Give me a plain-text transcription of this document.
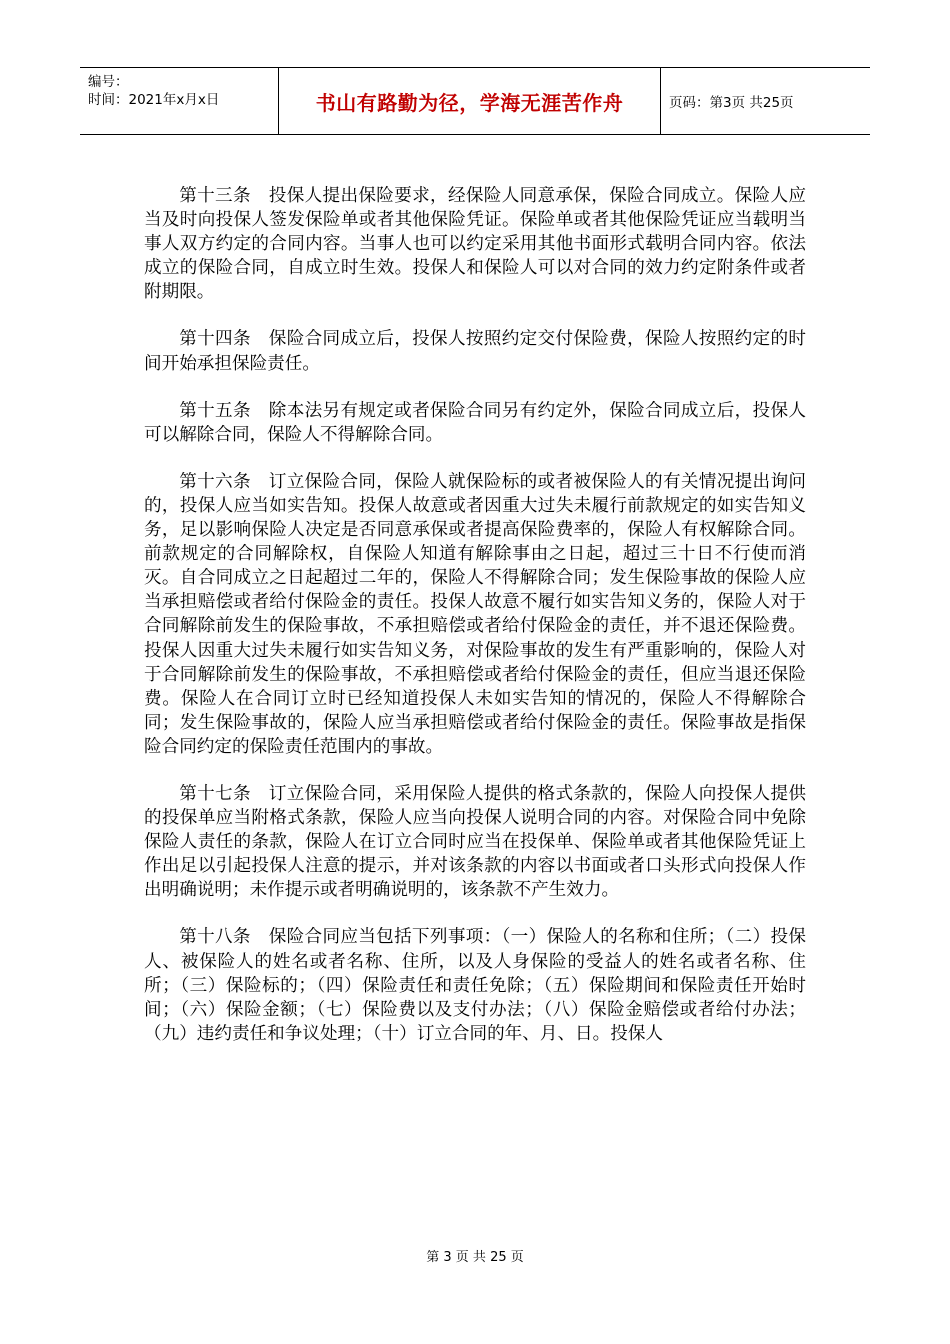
编号：
时间：2021年x月x日	书山有路勤为径，学海无涯苦作舟	页码：第3页 共25页

第十三条　投保人提出保险要求，经保险人同意承保，保险合同成立。保险人应当及时向投保人签发保险单或者其他保险凭证。保险单或者其他保险凭证应当载明当事人双方约定的合同内容。当事人也可以约定采用其他书面形式载明合同内容。依法成立的保险合同，自成立时生效。投保人和保险人可以对合同的效力约定附条件或者附期限。

第十四条　保险合同成立后，投保人按照约定交付保险费，保险人按照约定的时间开始承担保险责任。

第十五条　除本法另有规定或者保险合同另有约定外，保险合同成立后，投保人可以解除合同，保险人不得解除合同。

第十六条　订立保险合同，保险人就保险标的或者被保险人的有关情况提出询问的，投保人应当如实告知。投保人故意或者因重大过失未履行前款规定的如实告知义务，足以影响保险人决定是否同意承保或者提高保险费率的，保险人有权解除合同。前款规定的合同解除权，自保险人知道有解除事由之日起，超过三十日不行使而消灭。自合同成立之日起超过二年的，保险人不得解除合同；发生保险事故的保险人应当承担赔偿或者给付保险金的责任。投保人故意不履行如实告知义务的，保险人对于合同解除前发生的保险事故，不承担赔偿或者给付保险金的责任，并不退还保险费。投保人因重大过失未履行如实告知义务，对保险事故的发生有严重影响的，保险人对于合同解除前发生的保险事故，不承担赔偿或者给付保险金的责任，但应当退还保险费。保险人在合同订立时已经知道投保人未如实告知的情况的，保险人不得解除合同；发生保险事故的，保险人应当承担赔偿或者给付保险金的责任。保险事故是指保险合同约定的保险责任范围内的事故。

第十七条　订立保险合同，采用保险人提供的格式条款的，保险人向投保人提供的投保单应当附格式条款，保险人应当向投保人说明合同的内容。对保险合同中免除保险人责任的条款，保险人在订立合同时应当在投保单、保险单或者其他保险凭证上作出足以引起投保人注意的提示，并对该条款的内容以书面或者口头形式向投保人作出明确说明；未作提示或者明确说明的，该条款不产生效力。

第十八条　保险合同应当包括下列事项：（一）保险人的名称和住所；（二）投保人、被保险人的姓名或者名称、住所，以及人身保险的受益人的姓名或者名称、住所；（三）保险标的；（四）保险责任和责任免除；（五）保险期间和保险责任开始时间；（六）保险金额；（七）保险费以及支付办法；（八）保险金赔偿或者给付办法；（九）违约责任和争议处理；（十）订立合同的年、月、日。投保人

第 3 页 共 25 页
